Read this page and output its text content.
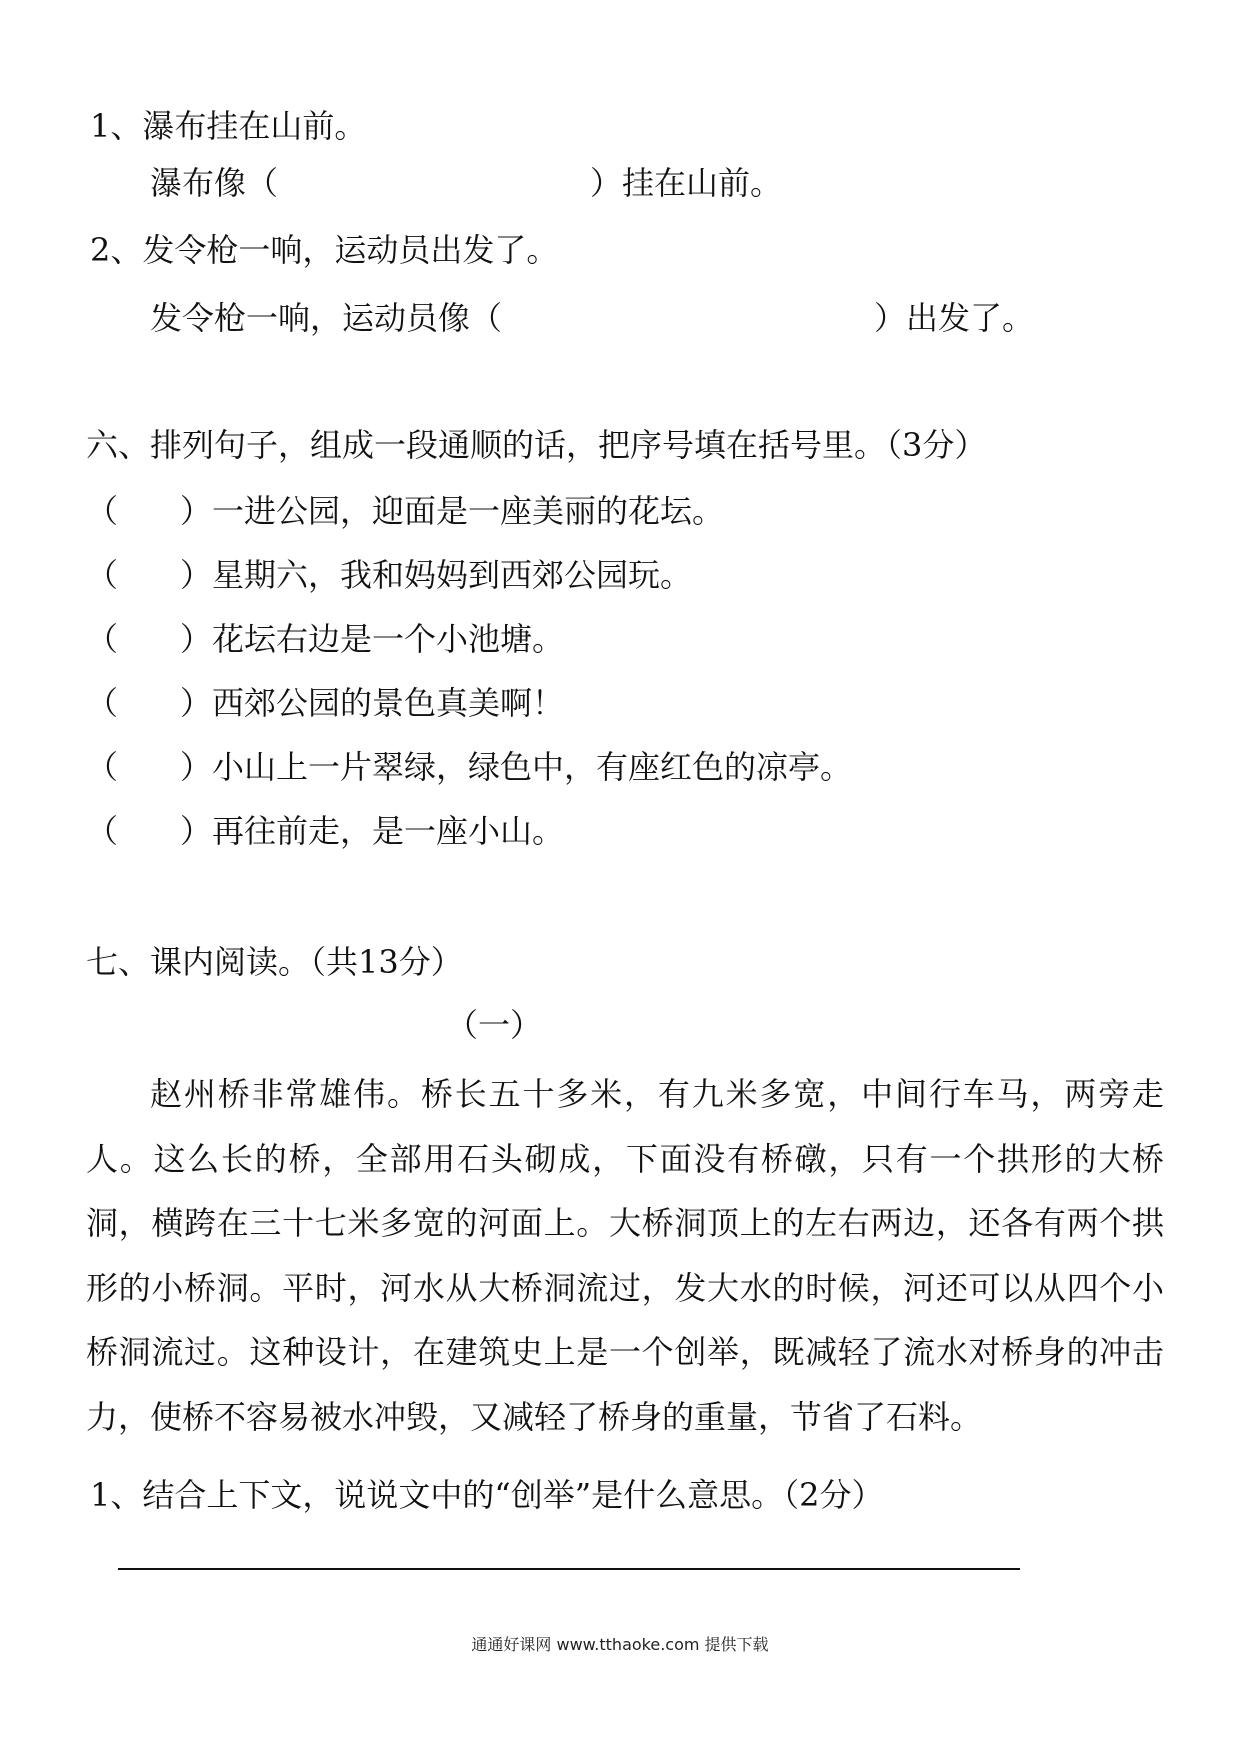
1、瀑布挂在山前。
瀑布像（	）挂在山前。
2、发令枪一响，运动员出发了。
发令枪一响，运动员像（	）出发了。
六、排列句子，组成一段通顺的话，把序号填在括号里。（3分）
（ ）一进公园，迎面是一座美丽的花坛。
（ ）星期六，我和妈妈到西郊公园玩。
（ ）花坛右边是一个小池塘。
（ ）西郊公园的景色真美啊！
（ ）小山上一片翠绿，绿色中，有座红色的凉亭。
（ ）再往前走，是一座小山。
七、课内阅读。（共13分）
（一）
赵州桥非常雄伟。桥长五十多米，有九米多宽，中间行车马，两旁走人。这么长的桥，全部用石头砌成，下面没有桥礅，只有一个拱形的大桥洞，横跨在三十七米多宽的河面上。大桥洞顶上的左右两边，还各有两个拱形的小桥洞。平时，河水从大桥洞流过，发大水的时候，河还可以从四个小桥洞流过。这种设计，在建筑史上是一个创举，既减轻了流水对桥身的冲击力，使桥不容易被水冲毁，又减轻了桥身的重量，节省了石料。
1、结合上下文，说说文中的“创举”是什么意思。（2分）
通通好课网 www.tthaoke.com 提供下载
